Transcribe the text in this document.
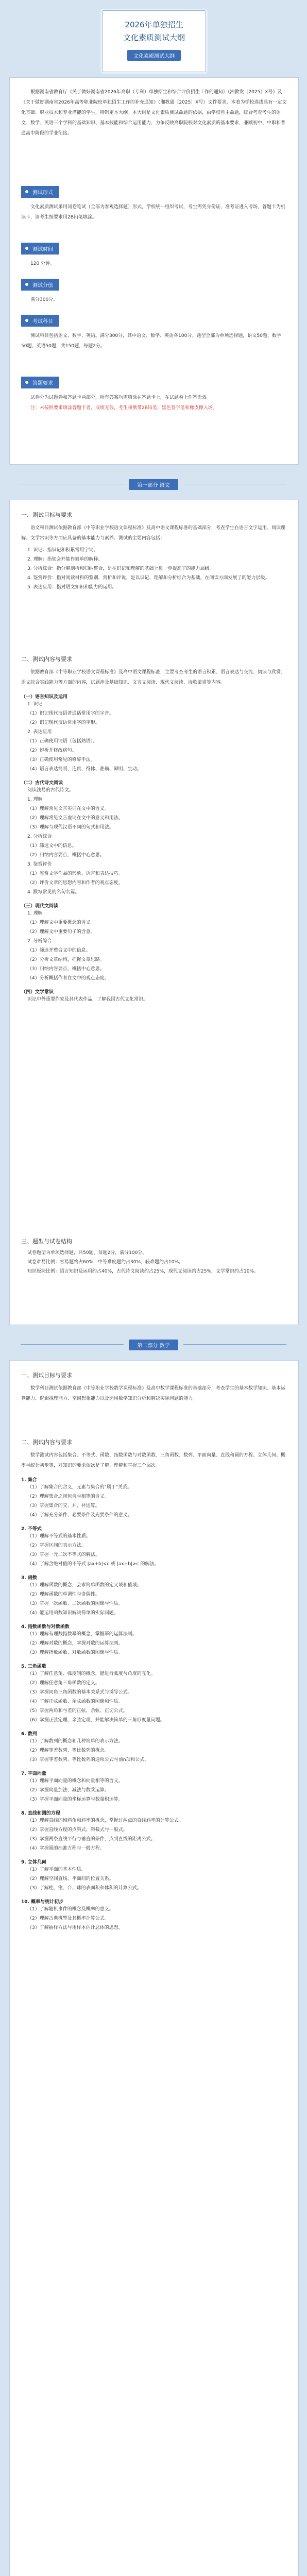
2026年单独招生
文化素质测试大纲
文化素质测试大纲

根据湖南省教育厅《关于做好湖南省2026年高职（专科）单独招生和综合评价招生工作的通知》（湘教发〔2025〕X号）及《关于做好湖南省2026年高等职业院校单独招生工作的补充通知》（湘教通〔2025〕X号）文件要求，本着为学校选拔具有一定文化基础、职业技术和专业潜能的学生，特制定本大纲。本大纲是文化素质测试命题的依据，由学校自主命题，综合考查考生的语文、数学、英语三个学科的基础知识、基本技能和综合运用能力，力争反映高职院校对文化素质的基本要求，兼顾初中、中职和普通高中阶段的学业衔接。

测试形式

文化素质测试采用闭卷笔试（全部为客观选择题）形式，学校统一组织考试，考生需凭身份证、准考证进入考场，答题卡为机读卡，请考生按要求用2B铅笔填涂。

测试时间

120 分钟。

测试分值

满分300分。

考试科目

测试科目包括语文、数学、英语。满分300分，其中语文、数学、英语各100分。题型全部为单项选择题，语文50题、数学50题、英语50题，共150题，每题2分。

答题要求

试卷分为试题卷和答题卡两部分，所有答案均需填涂在答题卡上，在试题卷上作答无效。

注：未按照要求填涂答题卡者，成绩无效，考生须携带2B铅笔、黑色签字笔和橡皮擦入场。

第一部分 语文

一、测试目标与要求

语文科目测试依据教育部《中等职业学校语文课程标准》及高中语文课程标准的基础部分，考查学生在语言文字运用、阅读理解、文学常识等方面应具备的基本能力与素养。测试的主要内容包括：

1. 识记：指识记和积累常用字词。

2. 理解：指领会并能作简单的解释。

3. 分析综合：指分解剖析和归纳整合，是在识记和理解的基础上进一步提高了的能力层级。

4. 鉴赏评价：指对阅读材料的鉴别、赏析和评说，是以识记、理解和分析综合为基础，在阅读方面发展了的能力层级。

5. 表达应用：指对语文知识和能力的运用。

二、测试内容与要求

依据教育部《中等职业学校语文课程标准》及高中语文课程标准，主要考查考生的语言积累、语言表达与交流、阅读与欣赏、语文综合实践能力等方面的内容，试题涉及基础知识、文言文阅读、现代文阅读、诗歌鉴赏等内容。

（一）语言知识及运用

1. 识记

（1）识记现代汉语普通话常用字的字音。

（2）识记现代汉语常用字的字形。

2. 表达应用

（1）正确使用词语（包括熟语）。

（2）辨析并修改病句。

（3）正确使用常见的修辞手法。

（4）语言表达简明、连贯、得体、准确、鲜明、生动。

（二）古代诗文阅读

阅读浅易的古代诗文。

1. 理解

（1）理解常见文言实词在文中的含义。

（2）理解常见文言虚词在文中的意义和用法。

（3）理解与现代汉语不同的句式和用法。

2. 分析综合

（1）筛选文中的信息。

（2）归纳内容要点，概括中心意思。

3. 鉴赏评价

（1）鉴赏文学作品的形象、语言和表达技巧。

（2）评价文章的思想内容和作者的观点态度。

4. 默写常见的名句名篇。

（三）现代文阅读

1. 理解

（1）理解文中重要概念的含义。

（2）理解文中重要句子的含意。

2. 分析综合

（1）筛选并整合文中的信息。

（2）分析文章结构，把握文章思路。

（3）归纳内容要点，概括中心意思。

（4）分析概括作者在文中的观点态度。

（四）文学常识

识记中外重要作家及其代表作品，了解我国古代文化常识。

三、题型与试卷结构

试卷题型为单项选择题，共50题，每题2分，满分100分。

试卷难易比例：容易题约占60%，中等难度题约占30%，较难题约占10%。

知识板块比例：语言知识及运用约占40%，古代诗文阅读约占25%，现代文阅读约占25%，文学常识约占10%。

第二部分 数学

一、测试目标与要求

数学科目测试依据教育部《中等职业学校数学课程标准》及高中数学课程标准的基础部分，考查学生的基本数学知识、基本运算能力、逻辑推理能力、空间想象能力以及运用数学知识分析和解决实际问题的能力。

二、测试内容与要求

数学测试内容包括集合、不等式、函数、指数函数与对数函数、三角函数、数列、平面向量、直线和圆的方程、立体几何、概率与统计初步等，对知识的要求依次是了解、理解和掌握三个层次。

1. 集合

（1）了解集合的含义，元素与集合的"属于"关系。

（2）理解集合之间包含与相等的含义。

（3）掌握集合的交、并、补运算。

（4）了解充分条件、必要条件及充要条件的意义。

2. 不等式

（1）理解不等式的基本性质。

（2）掌握区间的表示方法。

（3）掌握一元二次不等式的解法。

（4）了解含绝对值的不等式 |ax+b|<c 或 |ax+b|>c 的解法。

3. 函数

（1）理解函数的概念，会求简单函数的定义域和值域。

（2）理解函数的单调性与奇偶性。

（3）掌握一次函数、二次函数的图像与性质。

（4）能运用函数知识解决简单的实际问题。

4. 指数函数与对数函数

（1）理解有理数指数幂的概念，掌握幂的运算法则。

（2）理解对数的概念，掌握对数的运算法则。

（3）理解指数函数、对数函数的图像与性质。

5. 三角函数

（1）了解任意角、弧度制的概念，能进行弧度与角度的互化。

（2）理解任意角三角函数的定义。

（3）掌握同角三角函数的基本关系式与诱导公式。

（4）了解正弦函数、余弦函数的图像和性质。

（5）掌握两角和与差的正弦、余弦、正切公式。

（6）掌握正弦定理、余弦定理，并能解决简单的三角形度量问题。

6. 数列

（1）了解数列的概念和几种简单的表示方法。

（2）理解等差数列、等比数列的概念。

（3）掌握等差数列、等比数列的通项公式与前n项和公式。

7. 平面向量

（1）理解平面向量的概念和向量相等的含义。

（2）掌握向量加法、减法与数乘运算。

（3）掌握平面向量的坐标运算与数量积运算。

8. 直线和圆的方程

（1）理解直线的倾斜角和斜率的概念，掌握过两点的直线斜率的计算公式。

（2）掌握直线方程的点斜式、斜截式与一般式。

（3）掌握两条直线平行与垂直的条件，点到直线的距离公式。

（4）掌握圆的标准方程与一般方程。

9. 立体几何

（1）了解平面的基本性质。

（2）理解空间直线、平面间的位置关系。

（3）了解柱、锥、台、球的表面积和体积的计算公式。

10. 概率与统计初步

（1）了解随机事件的概念及概率的意义。

（2）理解古典概型及其概率计算公式。

（3）了解抽样方法与用样本估计总体的思想。
